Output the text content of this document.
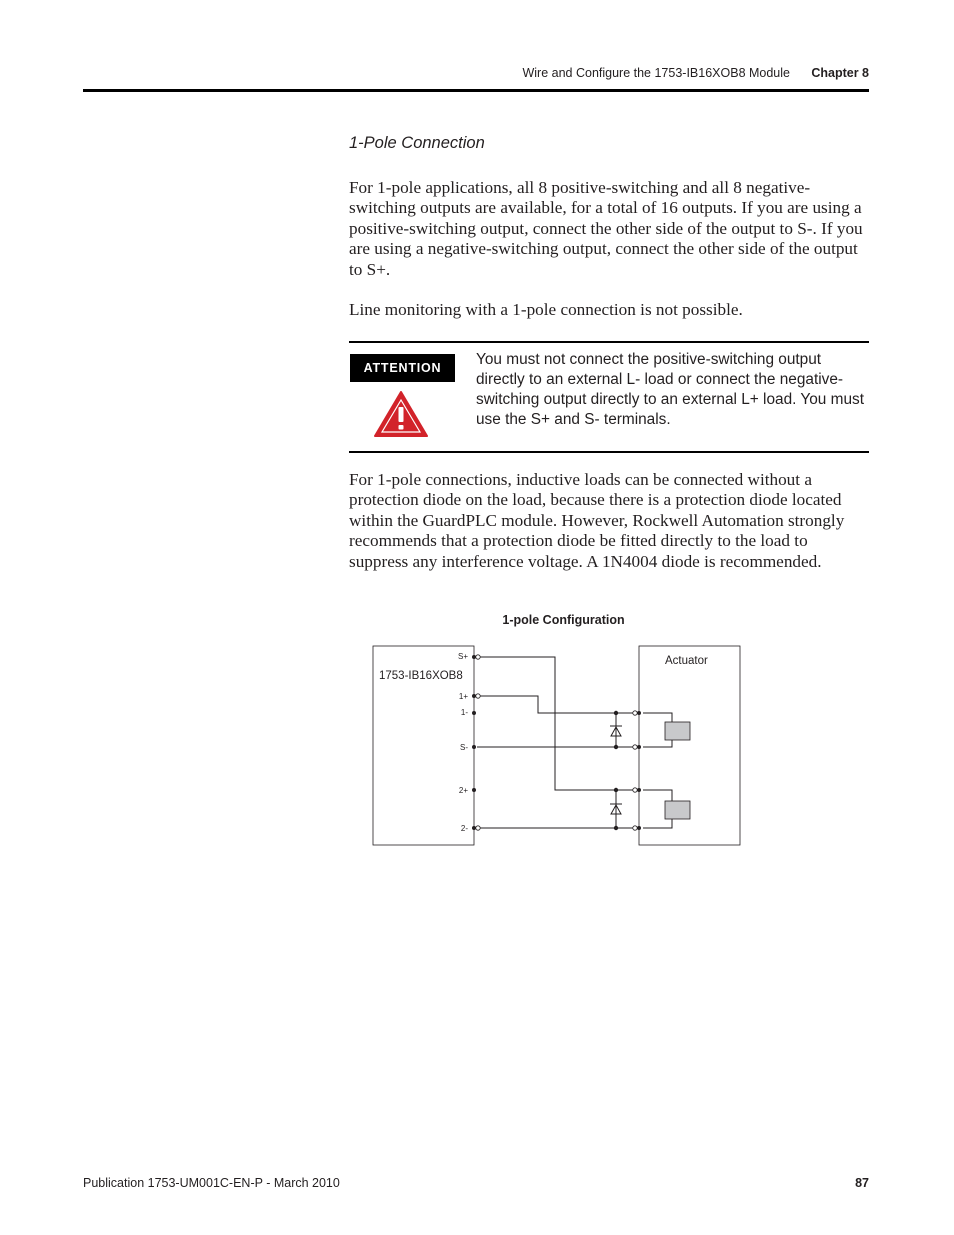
Wire and Configure the 1753-IB16XOB8 Module	Chapter 8
1-Pole Connection
For 1-pole applications, all 8 positive-switching and all 8 negative-switching outputs are available, for a total of 16 outputs. If you are using a positive-switching output, connect the other side of the output to S-. If you are using a negative-switching output, connect the other side of the output to S+.
Line monitoring with a 1-pole connection is not possible.
ATTENTION	You must not connect the positive-switching output directly to an external L- load or connect the negative-switching output directly to an external L+ load. You must use the S+ and S- terminals.
For 1-pole connections, inductive loads can be connected without a protection diode on the load, because there is a protection diode located within the GuardPLC module. However, Rockwell Automation strongly recommends that a protection diode be fitted directly to the load to suppress any interference voltage. A 1N4004 diode is recommended.
1-pole Configuration
1753-IB16XOB8
Actuator
S+
1+
1-
S-
2+
2-
Publication 1753-UM001C-EN-P - March 2010	87
